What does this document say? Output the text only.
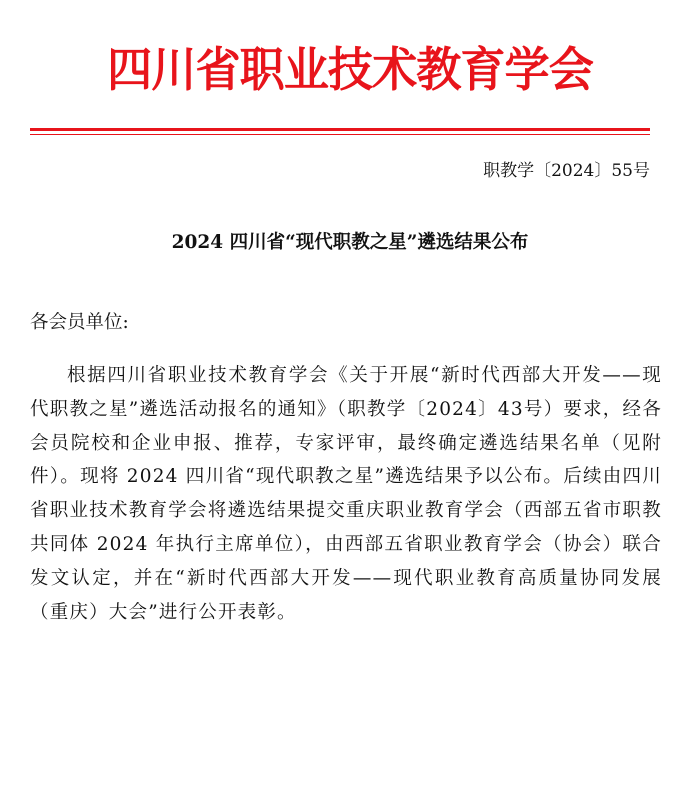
四川省职业技术教育学会
职教学〔2024〕55号
2024 四川省“现代职教之星”遴选结果公布
各会员单位:

根据四川省职业技术教育学会《关于开展“新时代西部大开发——现代职教之星”遴选活动报名的通知》（职教学〔2024〕43号）要求，经各会员院校和企业申报、推荐，专家评审，最终确定遴选结果名单（见附件）。现将 2024 四川省“现代职教之星”遴选结果予以公布。后续由四川省职业技术教育学会将遴选结果提交重庆职业教育学会（西部五省市职教共同体 2024 年执行主席单位），由西部五省职业教育学会（协会）联合发文认定，并在“新时代西部大开发——现代职业教育高质量协同发展（重庆）大会”进行公开表彰。
